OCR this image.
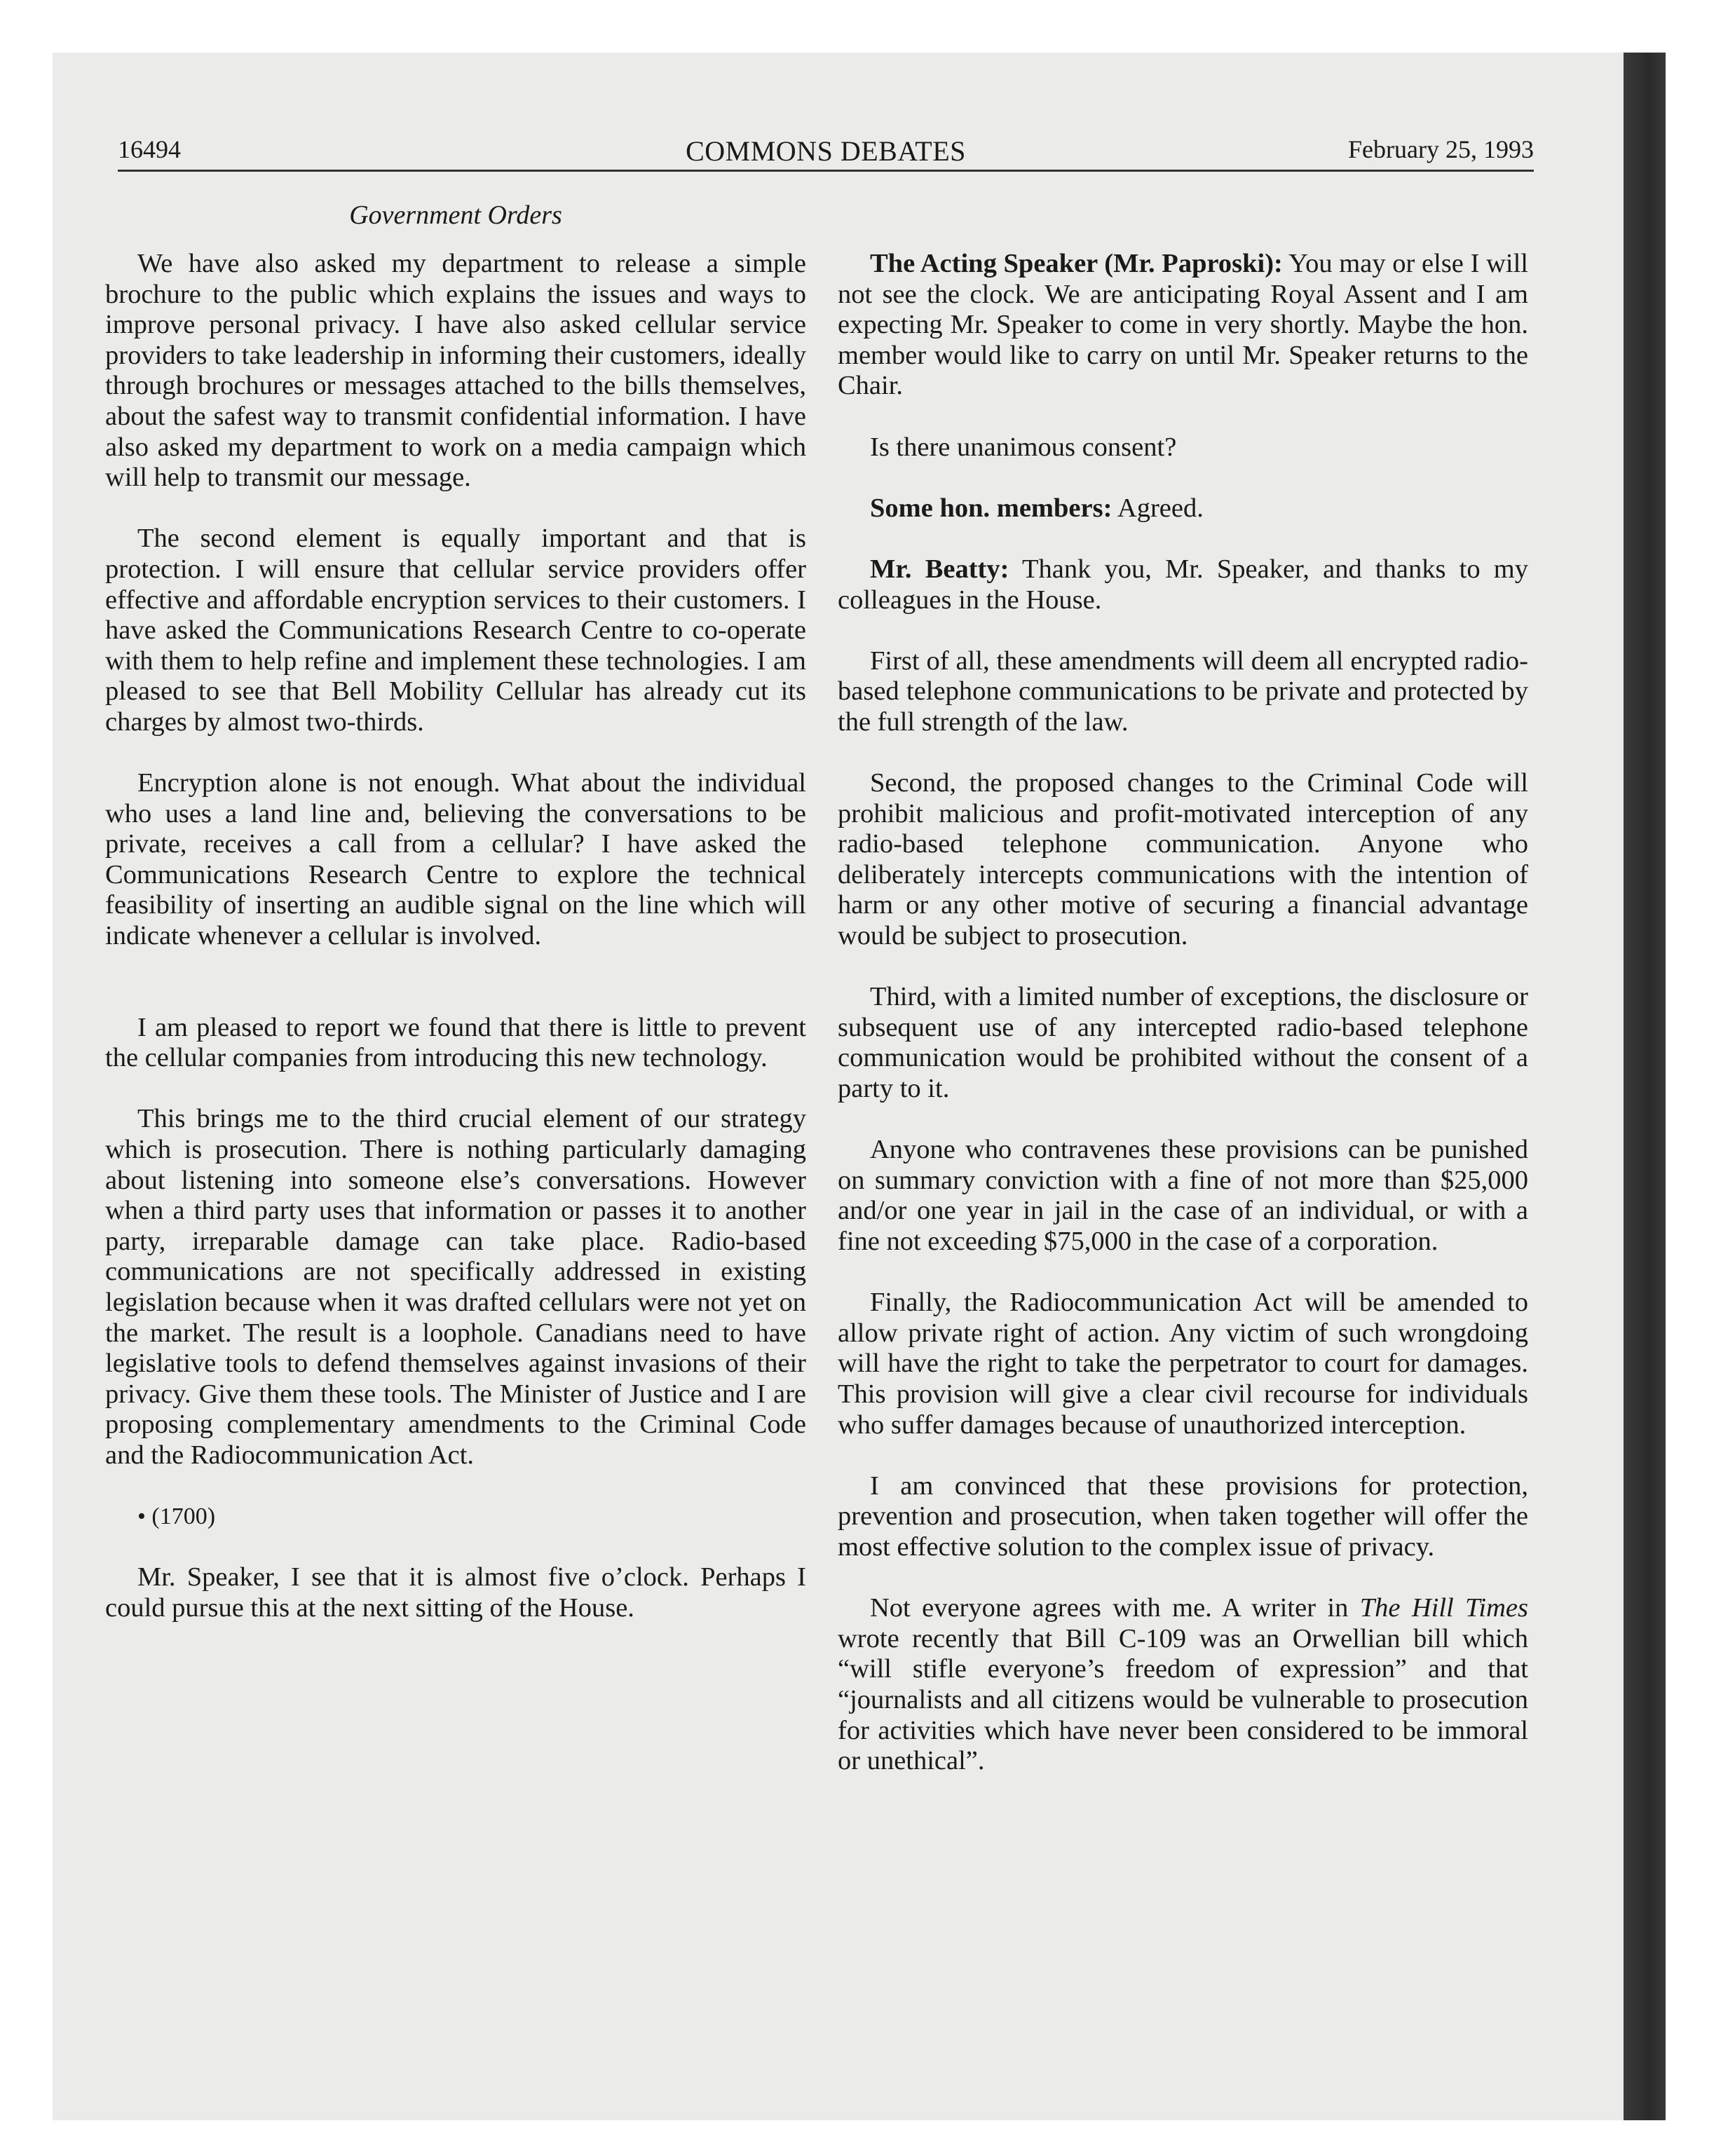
16494	COMMONS DEBATES	February 25, 1993
Government Orders

We have also asked my department to release a simple brochure to the public which explains the issues and ways to improve personal privacy. I have also asked cellular service providers to take leadership in informing their customers, ideally through brochures or messages attached to the bills themselves, about the safest way to transmit confidential information. I have also asked my department to work on a media campaign which will help to transmit our message.

The second element is equally important and that is protection. I will ensure that cellular service providers offer effective and affordable encryption services to their customers. I have asked the Communications Research Centre to co-operate with them to help refine and implement these technologies. I am pleased to see that Bell Mobility Cellular has already cut its charges by almost two-thirds.

Encryption alone is not enough. What about the individual who uses a land line and, believing the conversations to be private, receives a call from a cellular? I have asked the Communications Research Centre to explore the technical feasibility of inserting an audible signal on the line which will indicate whenever a cellular is involved.

I am pleased to report we found that there is little to prevent the cellular companies from introducing this new technology.

This brings me to the third crucial element of our strategy which is prosecution. There is nothing particularly damaging about listening into someone else’s conversations. However when a third party uses that information or passes it to another party, irreparable damage can take place. Radio-based communications are not specifically addressed in existing legislation because when it was drafted cellulars were not yet on the market. The result is a loophole. Canadians need to have legislative tools to defend themselves against invasions of their privacy. Give them these tools. The Minister of Justice and I are proposing complementary amendments to the Criminal Code and the Radiocommunication Act.

• (1700)

Mr. Speaker, I see that it is almost five o’clock. Perhaps I could pursue this at the next sitting of the House.

The Acting Speaker (Mr. Paproski): You may or else I will not see the clock. We are anticipating Royal Assent and I am expecting Mr. Speaker to come in very shortly. Maybe the hon. member would like to carry on until Mr. Speaker returns to the Chair.

Is there unanimous consent?

Some hon. members: Agreed.

Mr. Beatty: Thank you, Mr. Speaker, and thanks to my colleagues in the House.

First of all, these amendments will deem all encrypted radio-based telephone communications to be private and protected by the full strength of the law.

Second, the proposed changes to the Criminal Code will prohibit malicious and profit-motivated interception of any radio-based telephone communication. Anyone who deliberately intercepts communications with the intention of harm or any other motive of securing a financial advantage would be subject to prosecution.

Third, with a limited number of exceptions, the disclosure or subsequent use of any intercepted radio-based telephone communication would be prohibited without the consent of a party to it.

Anyone who contravenes these provisions can be punished on summary conviction with a fine of not more than $25,000 and/or one year in jail in the case of an individual, or with a fine not exceeding $75,000 in the case of a corporation.

Finally, the Radiocommunication Act will be amended to allow private right of action. Any victim of such wrongdoing will have the right to take the perpetrator to court for damages. This provision will give a clear civil recourse for individuals who suffer damages because of unauthorized interception.

I am convinced that these provisions for protection, prevention and prosecution, when taken together will offer the most effective solution to the complex issue of privacy.

Not everyone agrees with me. A writer in The Hill Times wrote recently that Bill C-109 was an Orwellian bill which “will stifle everyone’s freedom of expression” and that “journalists and all citizens would be vulnerable to prosecution for activities which have never been considered to be immoral or unethical”.
